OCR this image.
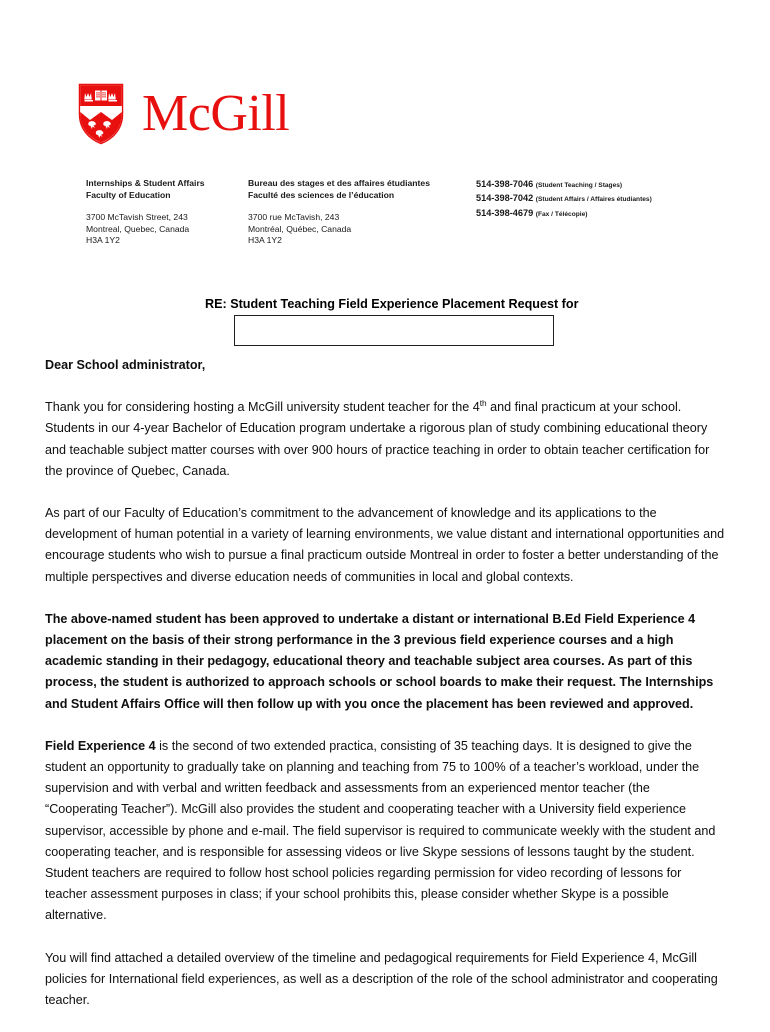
McGill
Internships & Student Affairs
Faculty of Education
3700 McTavish Street, 243
Montreal, Quebec, Canada
H3A 1Y2
Bureau des stages et des affaires étudiantes
Faculté des sciences de l’éducation
3700 rue McTavish, 243
Montréal, Québec, Canada
H3A 1Y2
514-398-7046 (Student Teaching / Stages)
514-398-7042 (Student Affairs / Affaires étudiantes)
514-398-4679 (Fax / Télécopie)
RE: Student Teaching Field Experience Placement Request for

Dear School administrator,

Thank you for considering hosting a McGill university student teacher for the 4th and final practicum at your school. Students in our 4-year Bachelor of Education program undertake a rigorous plan of study combining educational theory and teachable subject matter courses with over 900 hours of practice teaching in order to obtain teacher certification for the province of Quebec, Canada.

As part of our Faculty of Education’s commitment to the advancement of knowledge and its applications to the development of human potential in a variety of learning environments, we value distant and international opportunities and encourage students who wish to pursue a final practicum outside Montreal in order to foster a better understanding of the multiple perspectives and diverse education needs of communities in local and global contexts.

The above-named student has been approved to undertake a distant or international B.Ed Field Experience 4 placement on the basis of their strong performance in the 3 previous field experience courses and a high academic standing in their pedagogy, educational theory and teachable subject area courses. As part of this process, the student is authorized to approach schools or school boards to make their request. The Internships and Student Affairs Office will then follow up with you once the placement has been reviewed and approved.

Field Experience 4 is the second of two extended practica, consisting of 35 teaching days. It is designed to give the student an opportunity to gradually take on planning and teaching from 75 to 100% of a teacher’s workload, under the supervision and with verbal and written feedback and assessments from an experienced mentor teacher (the “Cooperating Teacher”). McGill also provides the student and cooperating teacher with a University field experience supervisor, accessible by phone and e-mail. The field supervisor is required to communicate weekly with the student and cooperating teacher, and is responsible for assessing videos or live Skype sessions of lessons taught by the student. Student teachers are required to follow host school policies regarding permission for video recording of lessons for teacher assessment purposes in class; if your school prohibits this, please consider whether Skype is a possible alternative.

You will find attached a detailed overview of the timeline and pedagogical requirements for Field Experience 4, McGill policies for International field experiences, as well as a description of the role of the school administrator and cooperating teacher.
